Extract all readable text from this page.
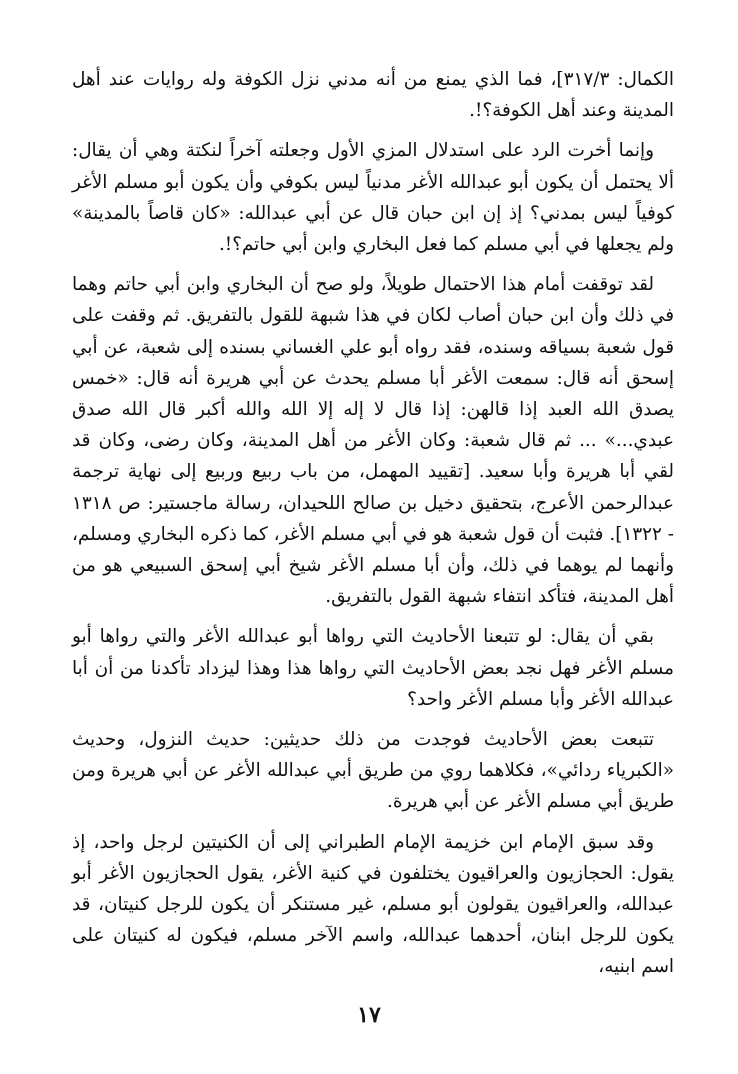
الكمال: ٣١٧/٣]، فما الذي يمنع من أنه مدني نزل الكوفة وله روايات عند أهل المدينة وعند أهل الكوفة؟!.

وإنما أخرت الرد على استدلال المزي الأول وجعلته آخراً لنكتة وهي أن يقال: ألا يحتمل أن يكون أبو عبدالله الأغر مدنياً ليس بكوفي وأن يكون أبو مسلم الأغر كوفياً ليس بمدني؟ إذ إن ابن حبان قال عن أبي عبدالله: «كان قاصاً بالمدينة» ولم يجعلها في أبي مسلم كما فعل البخاري وابن أبي حاتم؟!.

لقد توقفت أمام هذا الاحتمال طويلاً، ولو صح أن البخاري وابن أبي حاتم وهما في ذلك وأن ابن حبان أصاب لكان في هذا شبهة للقول بالتفريق. ثم وقفت على قول شعبة بسياقه وسنده، فقد رواه أبو علي الغساني بسنده إلى شعبة، عن أبي إسحق أنه قال: سمعت الأغر أبا مسلم يحدث عن أبي هريرة أنه قال: «خمس يصدق الله العبد إذا قالهن: إذا قال لا إله إلا الله والله أكبر قال الله صدق عبدي...» ... ثم قال شعبة: وكان الأغر من أهل المدينة، وكان رضى، وكان قد لقي أبا هريرة وأبا سعيد. [تقييد المهمل، من باب ربيع وربيع إلى نهاية ترجمة عبدالرحمن الأعرج، بتحقيق دخيل بن صالح اللحيدان، رسالة ماجستير: ص ١٣١٨ - ١٣٢٢]. فثبت أن قول شعبة هو في أبي مسلم الأغر، كما ذكره البخاري ومسلم، وأنهما لم يوهما في ذلك، وأن أبا مسلم الأغر شيخ أبي إسحق السبيعي هو من أهل المدينة، فتأكد انتفاء شبهة القول بالتفريق.

بقي أن يقال: لو تتبعنا الأحاديث التي رواها أبو عبدالله الأغر والتي رواها أبو مسلم الأغر فهل نجد بعض الأحاديث التي رواها هذا وهذا ليزداد تأكدنا من أن أبا عبدالله الأغر وأبا مسلم الأغر واحد؟

تتبعت بعض الأحاديث فوجدت من ذلك حديثين: حديث النزول، وحديث «الكبرياء ردائي»، فكلاهما روي من طريق أبي عبدالله الأغر عن أبي هريرة ومن طريق أبي مسلم الأغر عن أبي هريرة.

وقد سبق الإمام ابن خزيمة الإمام الطبراني إلى أن الكنيتين لرجل واحد، إذ يقول: الحجازيون والعراقيون يختلفون في كنية الأغر، يقول الحجازيون الأغر أبو عبدالله، والعراقيون يقولون أبو مسلم، غير مستنكر أن يكون للرجل كنيتان، قد يكون للرجل ابنان، أحدهما عبدالله، واسم الآخر مسلم، فيكون له كنيتان على اسم ابنيه،

١٧
